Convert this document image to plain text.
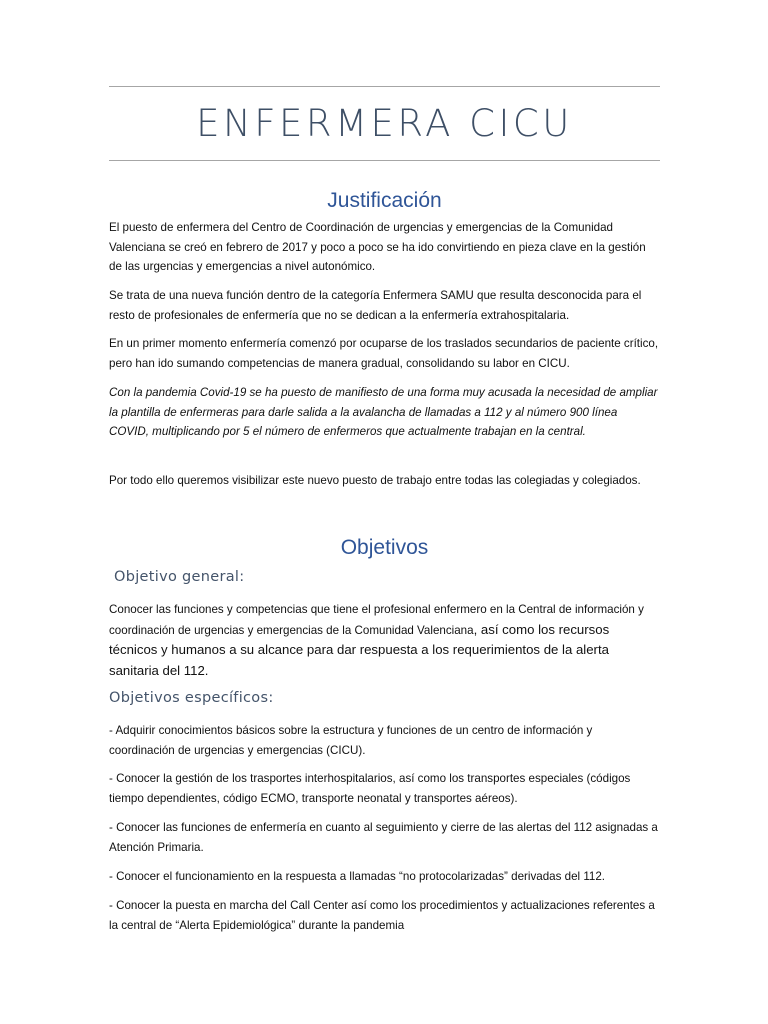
ENFERMERA CICU
Justificación

El puesto de enfermera del Centro de Coordinación de urgencias y emergencias de la Comunidad Valenciana se creó en febrero de 2017 y poco a poco se ha ido convirtiendo en pieza clave en la gestión de las urgencias y emergencias a nivel autonómico.

Se trata de una nueva función dentro de la categoría Enfermera SAMU que resulta desconocida para el resto de profesionales de enfermería que no se dedican a la enfermería extrahospitalaria.

En un primer momento enfermería comenzó por ocuparse de los traslados secundarios de paciente crítico, pero han ido sumando competencias de manera gradual, consolidando su labor en CICU.

Con la pandemia Covid-19 se ha puesto de manifiesto de una forma muy acusada la necesidad de ampliar la plantilla de enfermeras para darle salida a la avalancha de llamadas a 112 y al número 900 línea COVID, multiplicando por 5 el número de enfermeros que actualmente trabajan en la central.

Por todo ello queremos visibilizar este nuevo puesto de trabajo entre todas las colegiadas y colegiados.

Objetivos
Objetivo general:

Conocer las funciones y competencias que tiene el profesional enfermero en la Central de información y coordinación de urgencias y emergencias de la Comunidad Valenciana, así como los recursos técnicos y humanos a su alcance para dar respuesta a los requerimientos de la alerta sanitaria del 112.

Objetivos específicos:

- Adquirir conocimientos básicos sobre la estructura y funciones de un centro de información y coordinación de urgencias y emergencias (CICU).

- Conocer la gestión de los trasportes interhospitalarios, así como los transportes especiales (códigos tiempo dependientes, código ECMO, transporte neonatal y transportes aéreos).

- Conocer las funciones de enfermería en cuanto al seguimiento y cierre de las alertas del 112 asignadas a Atención Primaria.

- Conocer el funcionamiento en la respuesta a llamadas “no protocolarizadas” derivadas del 112.

- Conocer la puesta en marcha del Call Center así como los procedimientos y actualizaciones referentes a la central de “Alerta Epidemiológica” durante la pandemia
